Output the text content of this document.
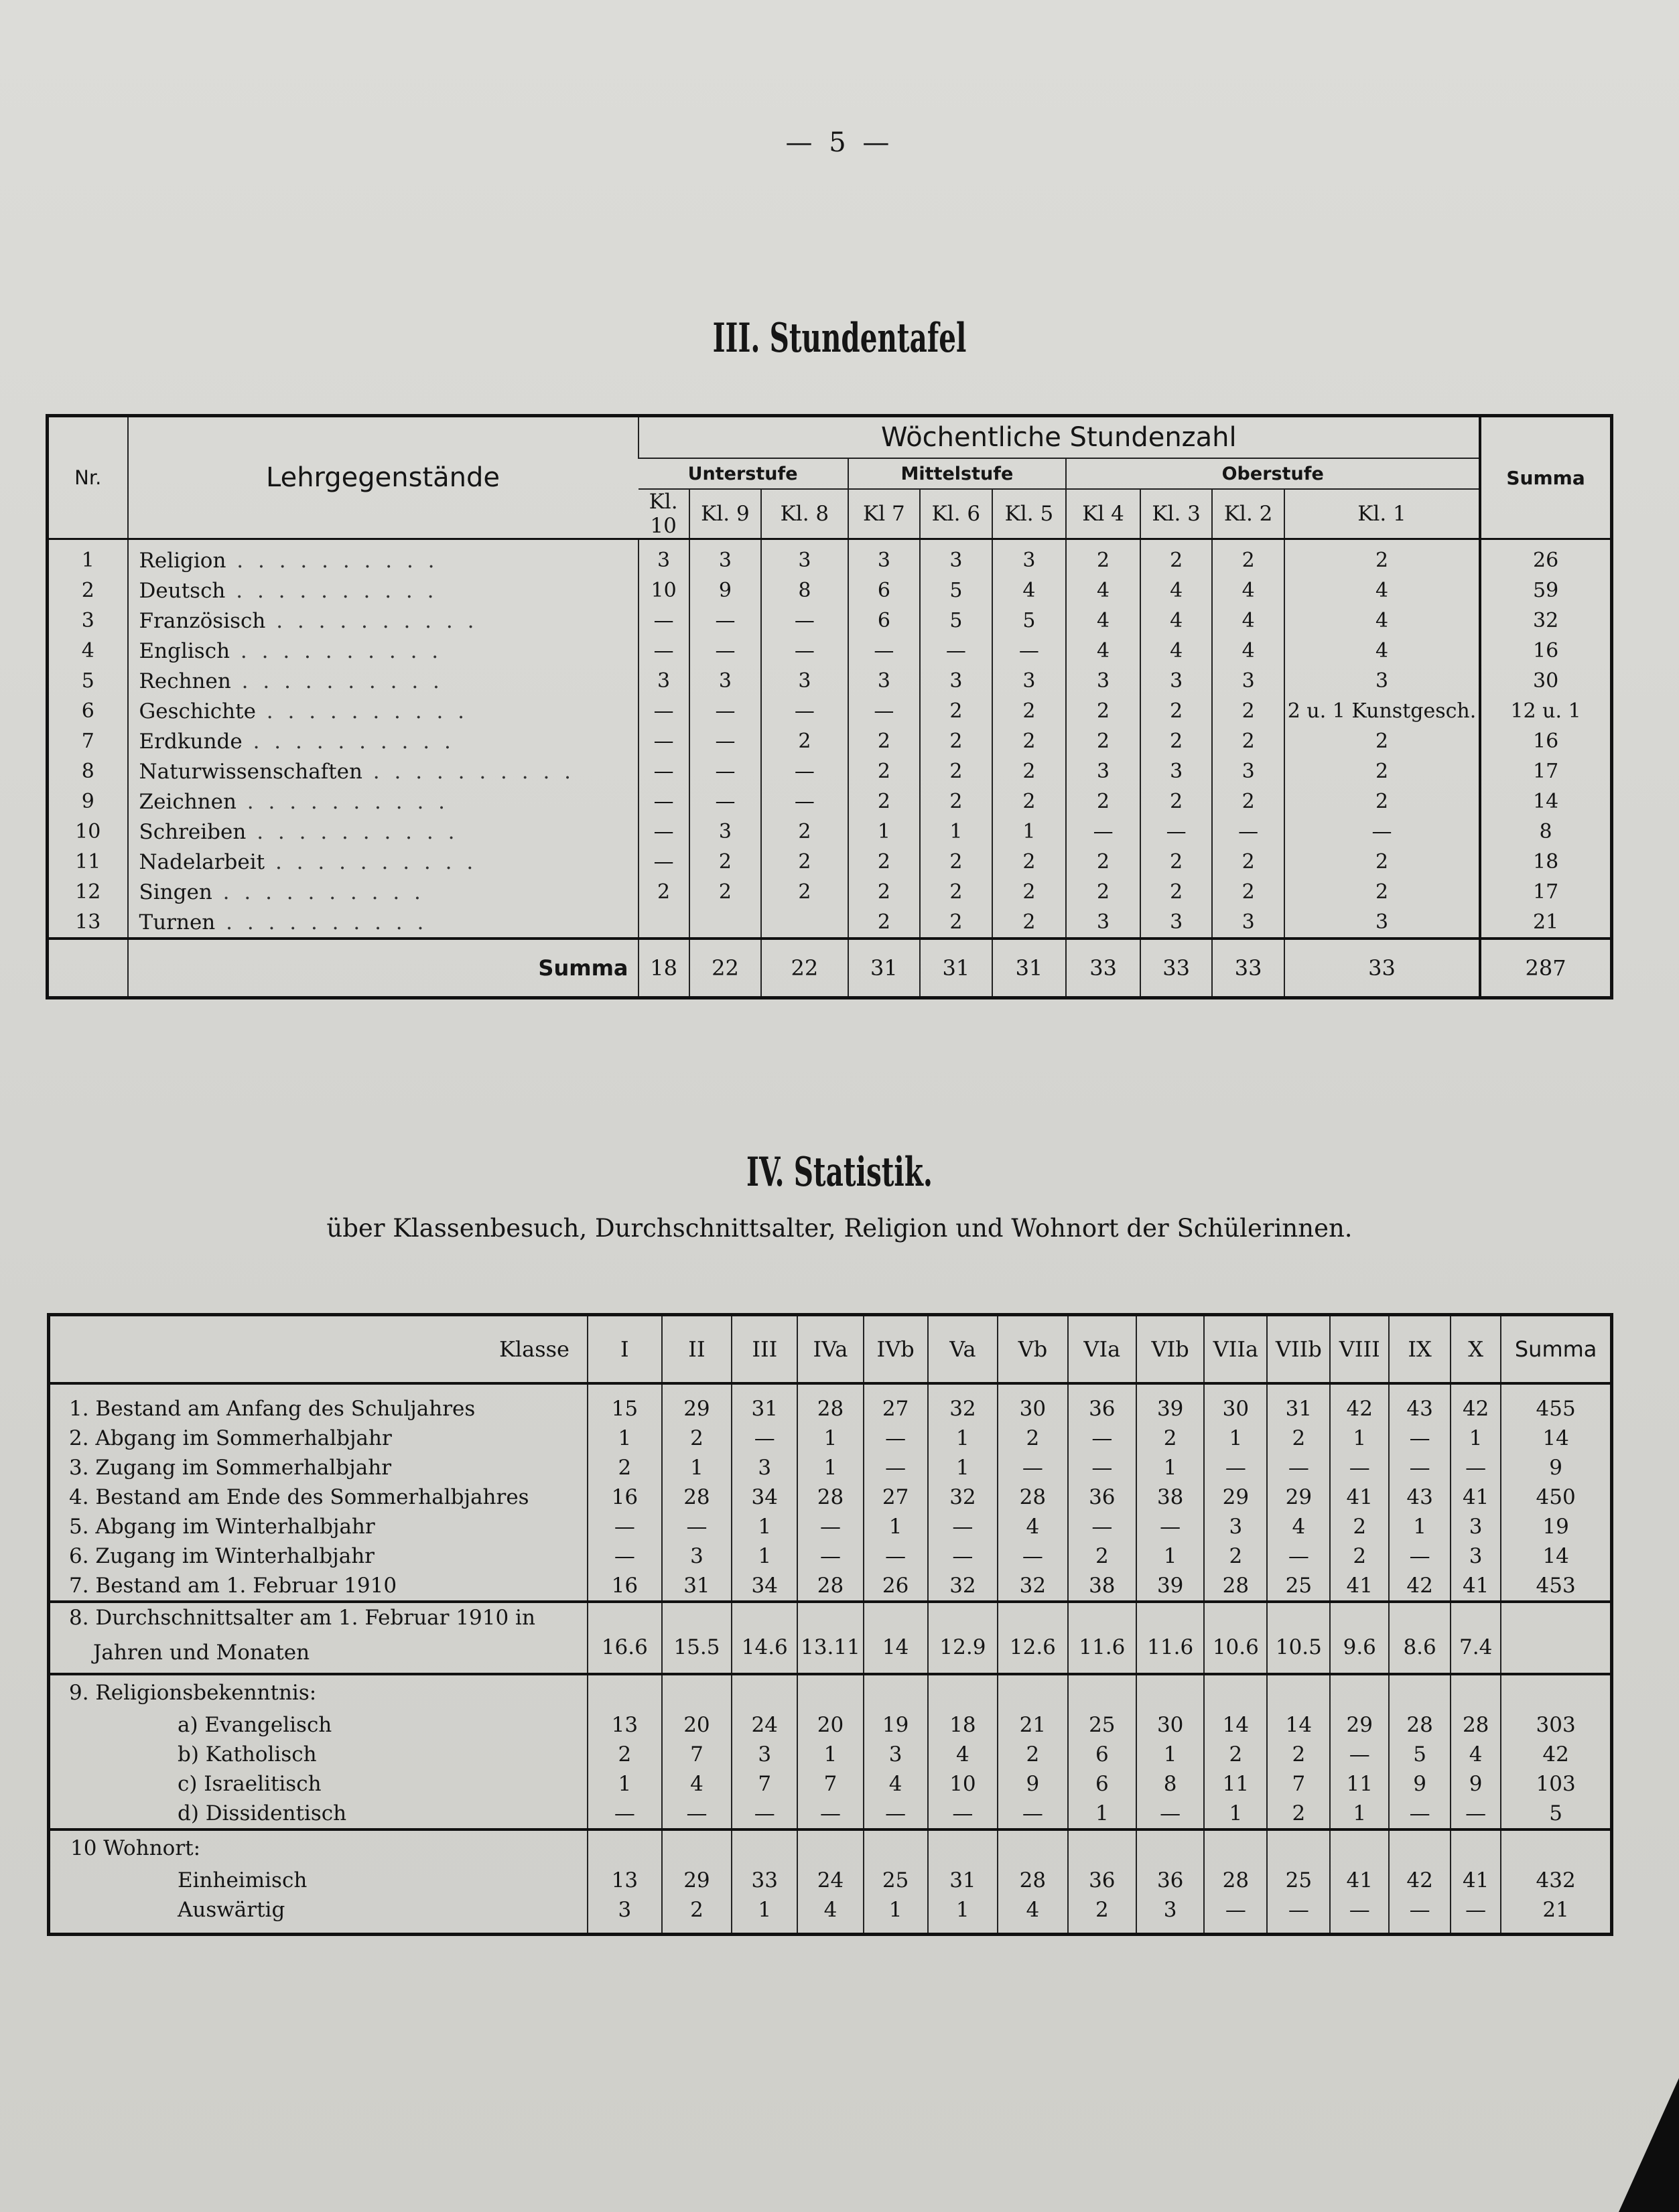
— 5 —
III. Stundentafel
Nr.	Lehrgegenstände	Wöchentliche Stundenzahl										Summa
		Unterstufe			Mittelstufe			Oberstufe				
		Kl. 10	Kl. 9	Kl. 8	Kl 7	Kl. 6	Kl. 5	Kl 4	Kl. 3	Kl. 2	Kl. 1	
1	Religion . . . . . . . . . .	3	3	3	3	3	3	2	2	2	2	26
2	Deutsch . . . . . . . . . .	10	9	8	6	5	4	4	4	4	4	59
3	Französisch . . . . . . . . . .	—	—	—	6	5	5	4	4	4	4	32
4	Englisch . . . . . . . . . .	—	—	—	—	—	—	4	4	4	4	16
5	Rechnen . . . . . . . . . .	3	3	3	3	3	3	3	3	3	3	30
6	Geschichte . . . . . . . . . .	—	—	—	—	2	2	2	2	2	2 u. 1 Kunstgesch.	12 u. 1
7	Erdkunde . . . . . . . . . .	—	—	2	2	2	2	2	2	2	2	16
8	Naturwissenschaften . . . . . . . . . .	—	—	—	2	2	2	3	3	3	2	17
9	Zeichnen . . . . . . . . . .	—	—	—	2	2	2	2	2	2	2	14
10	Schreiben . . . . . . . . . .	—	3	2	1	1	1	—	—	—	—	8
11	Nadelarbeit . . . . . . . . . .	—	2	2	2	2	2	2	2	2	2	18
12	Singen . . . . . . . . . .	2	2	2	2	2	2	2	2	2	2	17
13	Turnen . . . . . . . . . .				2	2	2	3	3	3	3	21
	Summa	18	22	22	31	31	31	33	33	33	33	287
IV. Statistik.
über Klassenbesuch, Durchschnittsalter, Religion und Wohnort der Schülerinnen.
Klasse	I	II	III	IVa	IVb	Va	Vb	VIa	VIb	VIIa	VIIb	VIII	IX	X	Summa
1. Bestand am Anfang des Schuljahres	15	29	31	28	27	32	30	36	39	30	31	42	43	42	455
2. Abgang im Sommerhalbjahr	1	2	—	1	—	1	2	—	2	1	2	1	—	1	14
3. Zugang im Sommerhalbjahr	2	1	3	1	—	1	—	—	1	—	—	—	—	—	9
4. Bestand am Ende des Sommerhalbjahres	16	28	34	28	27	32	28	36	38	29	29	41	43	41	450
5. Abgang im Winterhalbjahr	—	—	1	—	1	—	4	—	—	3	4	2	1	3	19
6. Zugang im Winterhalbjahr	—	3	1	—	—	—	—	2	1	2	—	2	—	3	14
7. Bestand am 1. Februar 1910	16	31	34	28	26	32	32	38	39	28	25	41	42	41	453
8. Durchschnittsalter am 1. Februar 1910 in															
Jahren und Monaten	16.6	15.5	14.6	13.11	14	12.9	12.6	11.6	11.6	10.6	10.5	9.6	8.6	7.4	
9. Religionsbekenntnis:															
a) Evangelisch	13	20	24	20	19	18	21	25	30	14	14	29	28	28	303
b) Katholisch	2	7	3	1	3	4	2	6	1	2	2	—	5	4	42
c) Israelitisch	1	4	7	7	4	10	9	6	8	11	7	11	9	9	103
d) Dissidentisch	—	—	—	—	—	—	—	1	—	1	2	1	—	—	5
10 Wohnort:															
Einheimisch	13	29	33	24	25	31	28	36	36	28	25	41	42	41	432
Auswärtig	3	2	1	4	1	1	4	2	3	—	—	—	—	—	21
